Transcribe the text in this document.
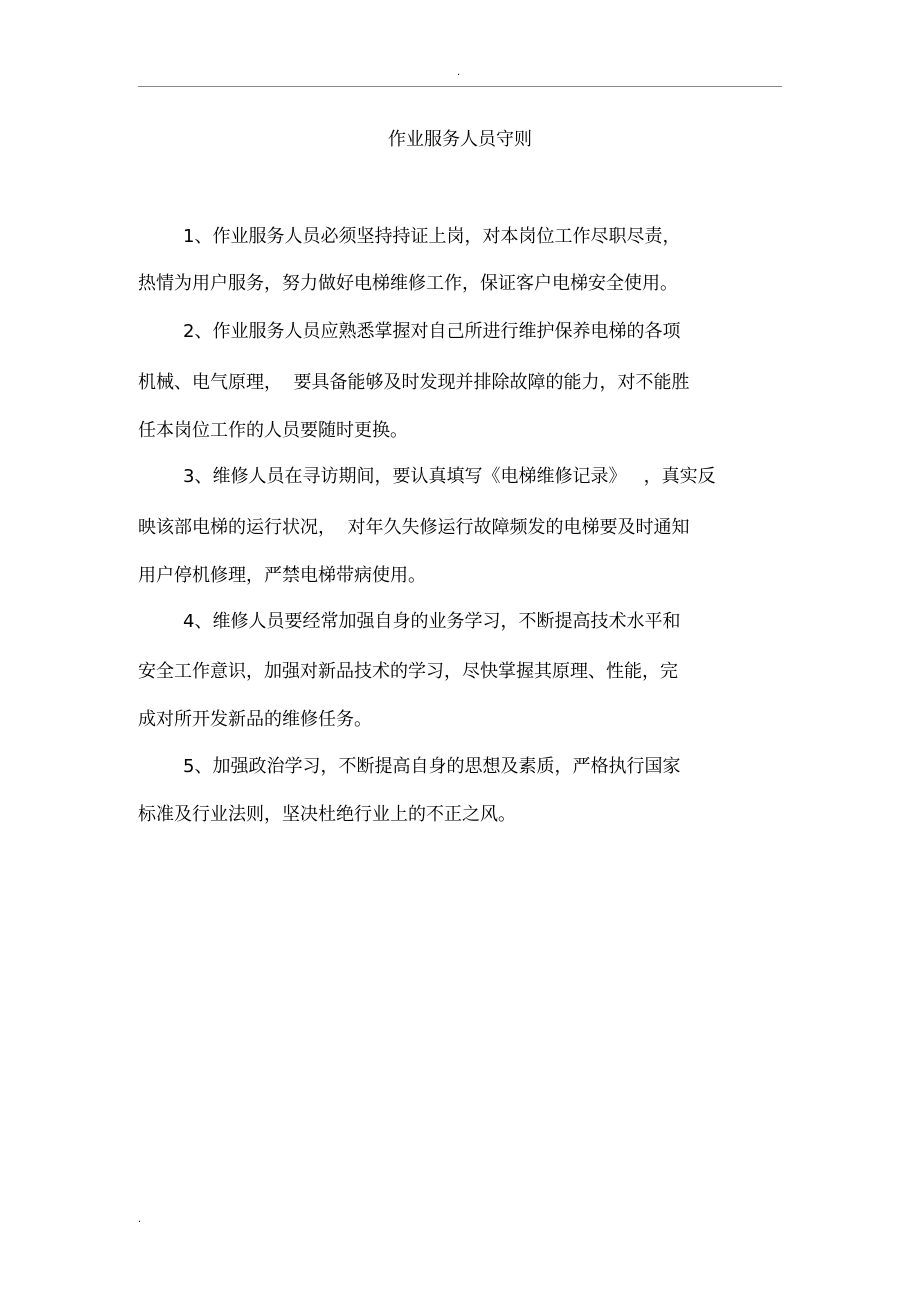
.
作业服务人员守则
1、作业服务人员必须坚持持证上岗，对本岗位工作尽职尽责，
热情为用户服务，努力做好电梯维修工作，保证客户电梯安全使用。
2、作业服务人员应熟悉掌握对自己所进行维护保养电梯的各项
机械、电气原理，  要具备能够及时发现并排除故障的能力，对不能胜
任本岗位工作的人员要随时更换。
3、维修人员在寻访期间，要认真填写《电梯维修记录》   ，真实反
映该部电梯的运行状况，  对年久失修运行故障频发的电梯要及时通知
用户停机修理，严禁电梯带病使用。
4、维修人员要经常加强自身的业务学习，不断提高技术水平和
安全工作意识，加强对新品技术的学习，尽快掌握其原理、性能，完
成对所开发新品的维修任务。
5、加强政治学习，不断提高自身的思想及素质，严格执行国家
标准及行业法则，坚决杜绝行业上的不正之风。
.
